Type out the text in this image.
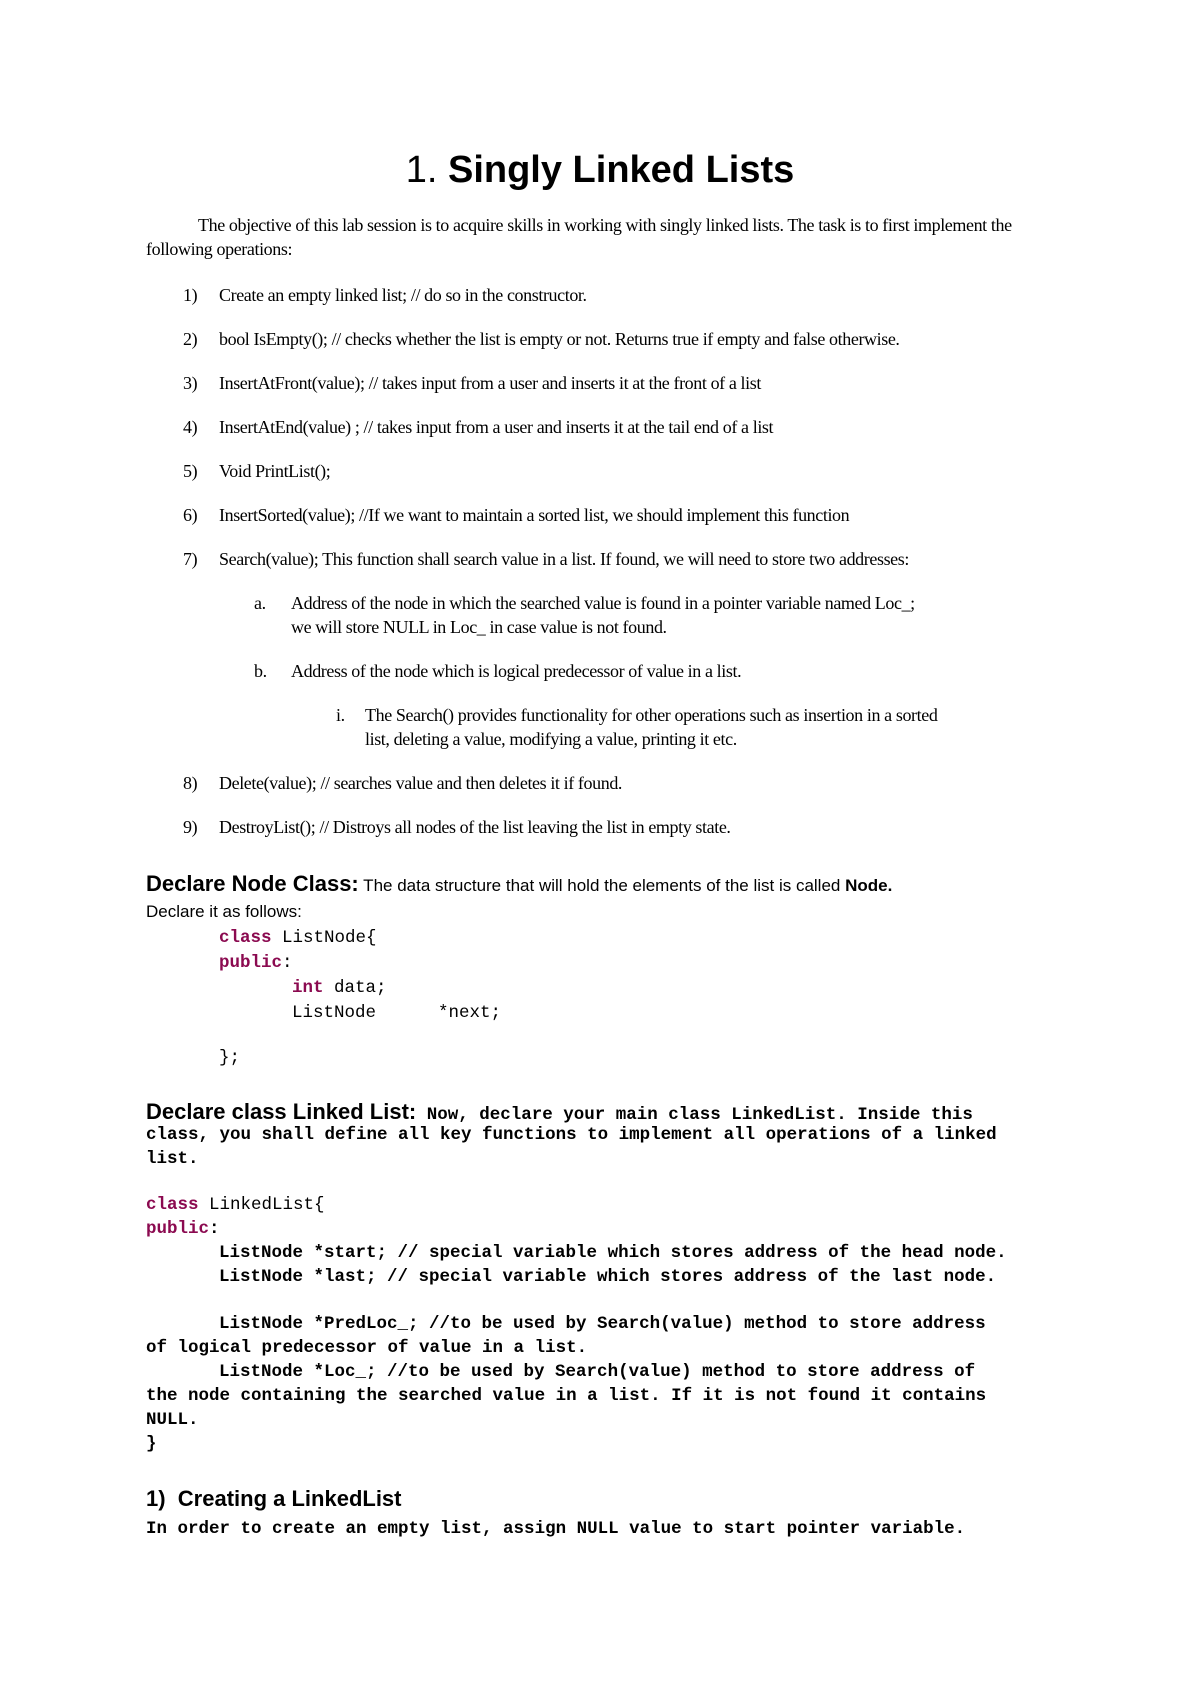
1. Singly Linked Lists

The objective of this lab session is to acquire skills in working with singly linked lists. The task is to first implement the following operations:

1) Create an empty linked list; // do so in the constructor.
2) bool IsEmpty(); // checks whether the list is empty or not. Returns true if empty and false otherwise.
3) InsertAtFront(value); // takes input from a user and inserts it at the front of a list
4) InsertAtEnd(value) ; // takes input from a user and inserts it at the tail end of a list
5) Void PrintList();
6) InsertSorted(value); //If we want to maintain a sorted list, we should implement this function
7) Search(value); This function shall search value in a list. If found, we will need to store two addresses:
a. Address of the node in which the searched value is found in a pointer variable named Loc_;
we will store NULL in Loc_ in case value is not found.
b. Address of the node which is logical predecessor of value in a list.
i. The Search() provides functionality for other operations such as insertion in a sorted
list, deleting a value, modifying a value, printing it etc.
8) Delete(value); // searches value and then deletes it if found.
9) DestroyList(); // Distroys all nodes of the list leaving the list in empty state.
Declare Node Class: The data structure that will hold the elements of the list is called Node.
Declare it as follows:
class ListNode{
public:
int data;
ListNode	*next;
};
Declare class Linked List: Now, declare your main class LinkedList. Inside this
class, you shall define all key functions to implement all operations of a linked
list.
class LinkedList{
public:
ListNode *start; // special variable which stores address of the head node.
ListNode *last; // special variable which stores address of the last node.
ListNode *PredLoc_; //to be used by Search(value) method to store address
of logical predecessor of value in a list.
ListNode *Loc_; //to be used by Search(value) method to store address of
the node containing the searched value in a list. If it is not found it contains
NULL.
}
1)  Creating a LinkedList
In order to create an empty list, assign NULL value to start pointer variable.
